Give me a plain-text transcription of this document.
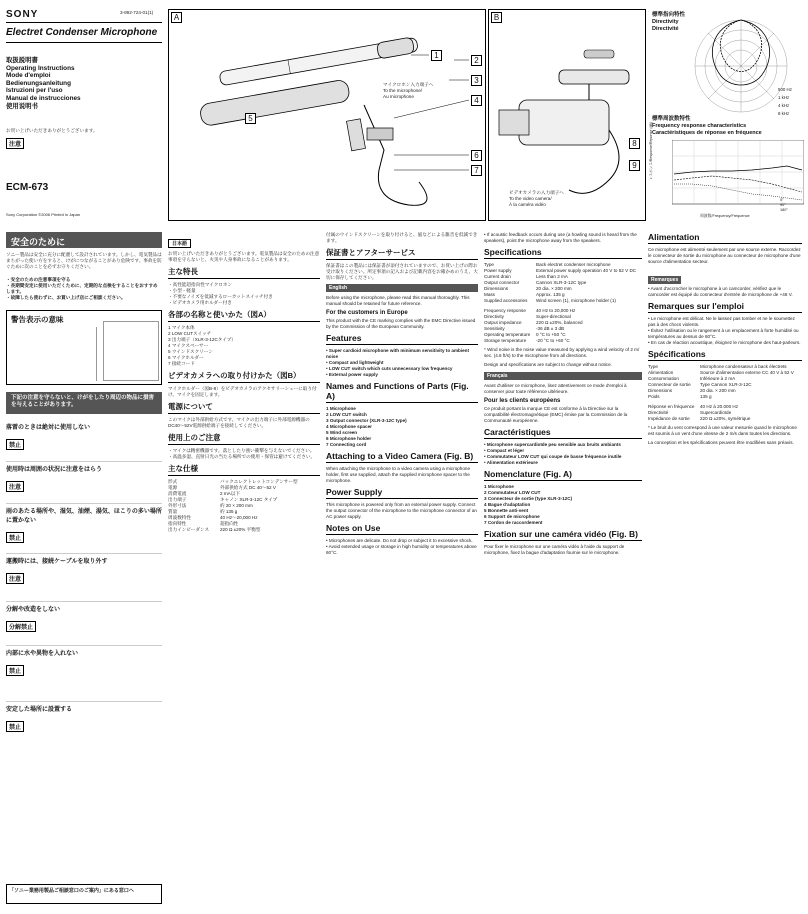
SONY	3-992-724-01(1)
Electret Condenser Microphone
取扱説明書
Operating Instructions
Mode d'emploi
Bedienungsanleitung
Istruzioni per l'uso
Manual de instrucciones
使用说明书
お買い上げいただきありがとうございます。
注意
ECM-673
Sony Corporation ©2006 Printed in Japan
A
1
2
3
4
5
6
7
マイクロホン入力端子へ
To the microphone/
Au microphone
B
8
9
ビデオカメラの入力端子へ
To the video camera/
À la caméra vidéo
標準指向特性
Directivity
Directivité
500 Hz
1 kHz
4 kHz
8 kHz
標準周波数特性
Frequency response characteristics
Caractéristiques de réponse en fréquence
レスポンス/Response/Réponse (dB)
周波数/Frequency/Fréquence
0°
90°
180°
安全のために
ソニー製品は安全に充分に配慮して設計されています。しかし、電気製品はまちがった使い方をすると、けがにつながることがあり危険です。事故を防ぐために次のことを必ずお守りください。
・安全のための注意事項を守る
・長期間安定に使用いただくために、定期的な点検をすることをおすすめします。
・故障したら使わずに、お買い上げ店にご相談ください。
警告表示の意味
下記の注意を守らないと、けがをしたり周辺の物品に損害を与えることがあります。
落雷のときは絶対に使用しない
禁止
使用時は周囲の状況に注意をはらう
注意
雨のあたる場所や、湿気、油煙、湯気、ほこりの多い場所に置かない
禁止
運搬時には、接続ケーブルを取り外す
注意
分解や改造をしない
分解禁止
内部に水や異物を入れない
禁止
安定した場所に設置する
禁止
「ソニー業務用製品ご相談窓口のご案内」にある窓口へ
日本語
お買い上げいただきありがとうございます。電気製品は安全のための注意事項を守らないと、火災や人身事故になることがあります。
主な特長
・高性能超指向性マイクロホン
・小型・軽量
・不要なノイズを低減するローカットスイッチ付き
・ビデオカメラ用ホルダー付き
各部の名称と使いかた（図A）
1 マイク本体
2 LOW CUTスイッチ
3 出力端子（XLR-3-12Cタイプ）
4 マイクスペーサー
5 ウインドスクリーン
6 マイクホルダー
7 接続コード
ビデオカメラへの取り付けかた（図B）
マイクホルダー（図B-8）をビデオカメラのアクセサリーシューに取り付け、マイクを固定します。
電源について
このマイクは外部供給方式です。マイクの出力端子に外部電源機器のDC40〜52V電源供給端子を接続してください。
使用上のご注意
・マイクは精密機器です。落としたり強い衝撃を与えないでください。
・高温多湿、直射日光の当たる場所での使用・保管は避けてください。
主な仕様
形式	バックエレクトレットコンデンサー型
電源	外部供給方式 DC 40〜52 V
消費電流	2 mA以下
出力端子	キャノン XLR-3-12C タイプ
外形寸法	約 20 × 200 mm
質量	約 135 g
周波数特性	40 Hz〜20,000 Hz
指向特性	超指向性
出力インピーダンス	220 Ω ±20% 平衡型
付属のウインドスクリーンを取り付けると、風などによる雑音を低減できます。
保証書とアフターサービス
保証書はこの製品には保証書が添付されていますので、お買い上げの際お受け取りください。所定事項の記入および記載内容をお確かめのうえ、大切に保存してください。
English
Before using the microphone, please read this manual thoroughly. This manual should be retained for future reference.
For the customers in Europe
This product with the CE marking complies with the EMC Directive issued by the Commission of the European Community.
Features
• Super cardioid microphone with minimum sensitivity to ambient noise
• Compact and lightweight
• LOW CUT switch which cuts unnecessary low frequency
• External power supply
Names and Functions of Parts (Fig. A)
1 Microphone
2 LOW CUT switch
3 Output connector (XLR-3-12C type)
4 Microphone spacer
5 Wind screen
6 Microphone holder
7 Connecting cord
Attaching to a Video Camera (Fig. B)
When attaching the microphone to a video camera using a microphone holder, first use supplied, attach the supplied microphone spacer to the microphone.
Power Supply
This microphone is powered only from an external power supply. Connect the output connector of the microphone to the microphone connector of an AC power supply.
Notes on Use
• Microphones are delicate. Do not drop or subject it to excessive shock.
• Avoid extended usage or storage in high humidity or temperatures above 60°C.
• If acoustic feedback occurs during use (a howling sound is heard from the speakers), point the microphone away from the speakers.
Specifications
Type	Back electret condenser microphone
Power supply	External power supply operation 40 V to 52 V DC
Current drain	Less than 2 mA
Output connector	Cannon XLR-3-12C type
Dimensions	20 dia. × 200 mm
Mass	Approx. 135 g
Supplied accessories	Wind screen (1), microphone holder (1)
Frequency response	40 Hz to 20,000 Hz
Directivity	Super-directional
Output impedance	220 Ω ±20%, balanced
Sensitivity	-36 dB ± 3 dB
Operating temperature	0 °C to +50 °C
Storage temperature	-20 °C to +60 °C
* Wind noise is the noise value measured by applying a wind velocity of 2 m/ sec. (4.6 ft/s) to the microphone from all directions.
Design and specifications are subject to change without notice.
Français
Avant d'utiliser ce microphone, lisez attentivement ce mode d'emploi à conserver pour toute référence ultérieure.
Pour les clients européens
Ce produit portant la marque CE est conforme à la Directive sur la compatibilité électromagnétique (EMC) émise par la Commission de la Communauté européenne.
Caractéristiques
• Microphone supercardioïde peu sensible aux bruits ambiants
• Compact et léger
• Commutateur LOW CUT qui coupe de basse fréquence inutile
• Alimentation extérieure
Nomenclature (Fig. A)
1 Microphone
2 Commutateur LOW CUT
3 Connecteur de sortie (type XLR-3-12C)
4 Bague d'adaptation
5 Bonnette anti-vent
6 Support de microphone
7 Cordon de raccordement
Fixation sur une caméra vidéo (Fig. B)
Pour fixer le microphone sur une caméra vidéo à l'aide du support de microphone, fixez la bague d'adaptation fournie sur le microphone.
Alimentation
Ce microphone est alimenté seulement par une source externe. Raccordez le connecteur de sortie du microphone au connecteur de microphone d'une source d'alimentation secteur.
Remarques
• Avant d'accrocher le microphone à un camcorder, vérifiez que le camcorder est équipé du connecteur d'entrée de microphone de +48 V.
Remarques sur l'emploi
• Le microphone est délicat. Ne le laissez pas tomber et ne le soumettez pas à des chocs violents.
• Évitez l'utilisation ou le rangement à un emplacement à forte humidité ou températures au dessus de 60°C.
• En cas de réaction acoustique, éloignez le microphone des haut-parleurs.
Spécifications
Type	Microphone condensateur à back électrets
Alimentation	Source d'alimentation externe CC 40 V à 52 V
Consommation	Inférieure à 2 mA
Connecteur de sortie	Type Cannon XLR-3-12C
Dimensions	20 dia. × 200 mm
Poids	135 g
Réponse en fréquence	40 Hz à 20.000 Hz
Directivité	Supercardioïde
Impédance de sortie	220 Ω ±20%, symétrique
* Le bruit du vent correspond à une valeur mesurée quand le microphone est soumis à un vent d'une vitesse de 2 m/s dans toutes les directions.
La conception et les spécifications peuvent être modifiées sans préavis.
